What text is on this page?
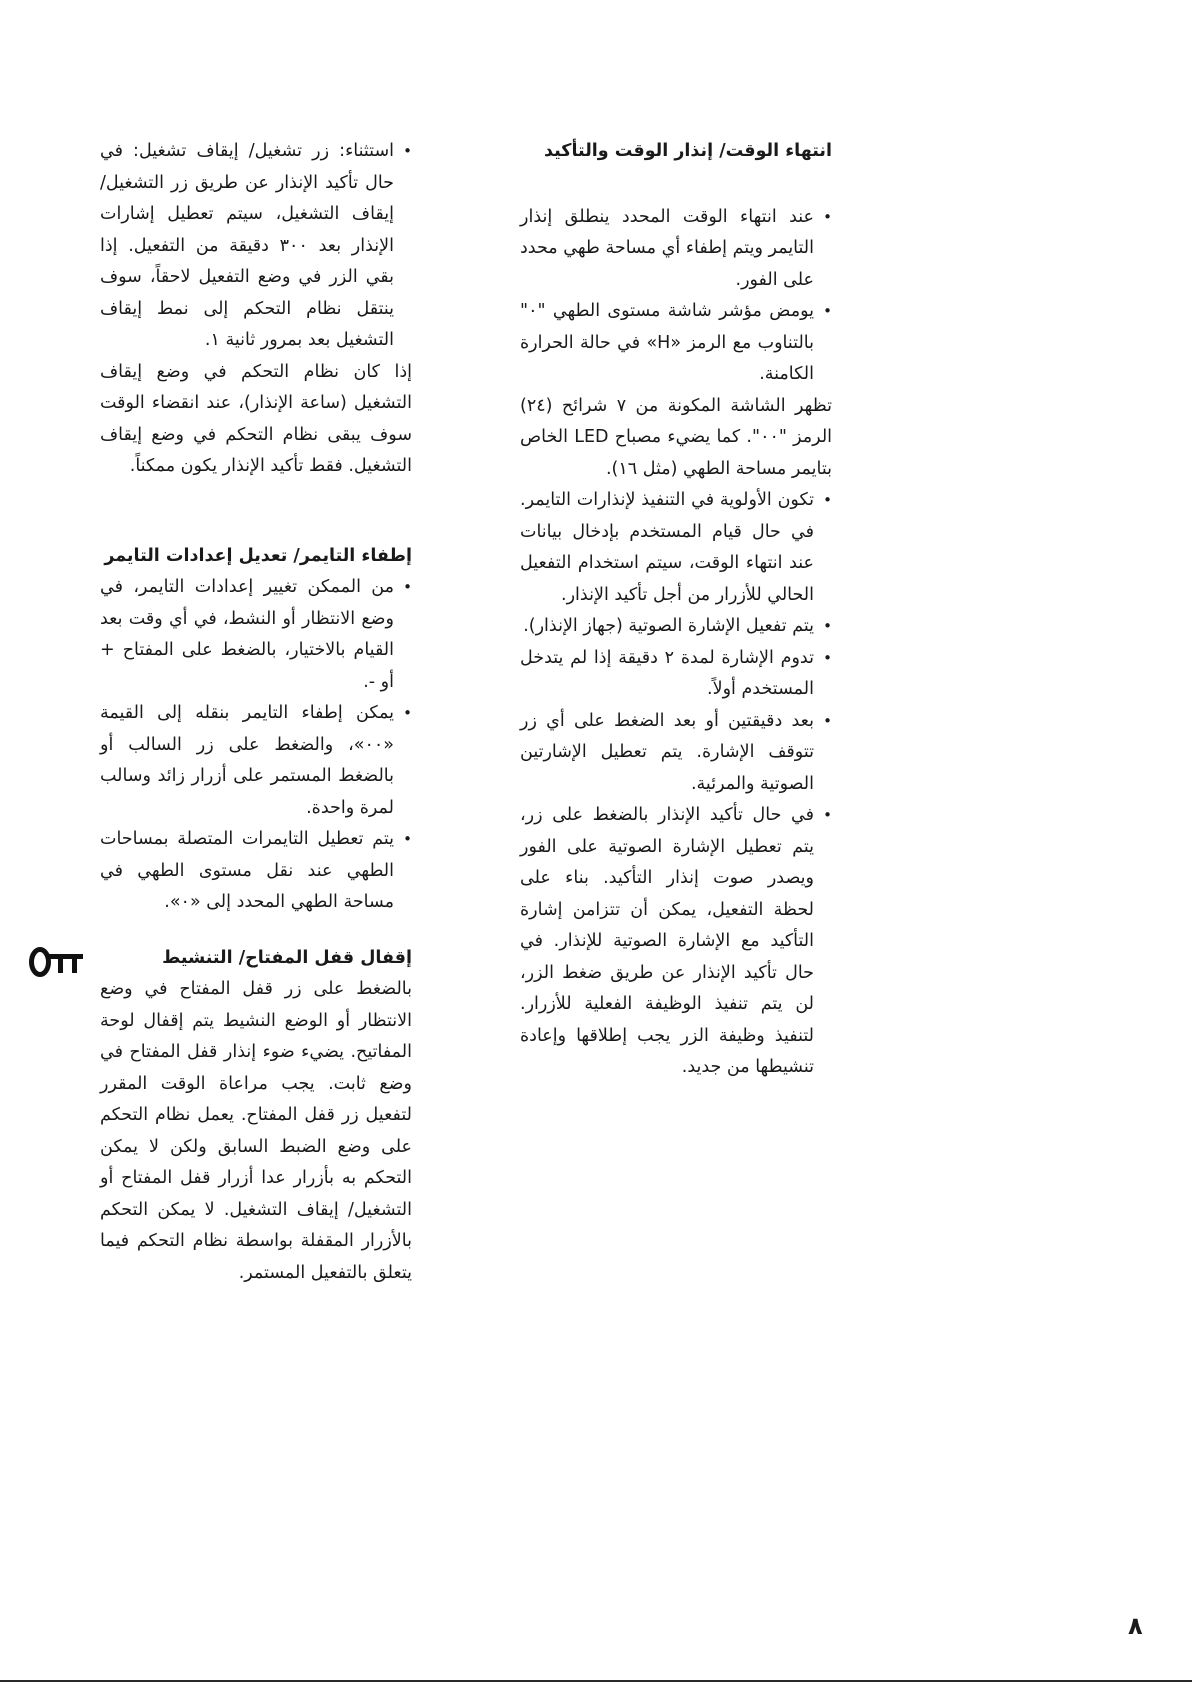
انتهاء الوقت/ إنذار الوقت والتأكيد
• عند انتهاء الوقت المحدد ينطلق إنذار التايمر ويتم إطفاء أي مساحة طهي محدد على الفور.
• يومض مؤشر شاشة مستوى الطهي "٠" بالتناوب مع الرمز «H» في حالة الحرارة الكامنة.

تظهر الشاشة المكونة من ٧ شرائح (٢٤) الرمز "٠٠". كما يضيء مصباح LED الخاص بتايمر مساحة الطهي (مثل ١٦).

• تكون الأولوية في التنفيذ لإنذارات التايمر. في حال قيام المستخدم بإدخال بيانات عند انتهاء الوقت، سيتم استخدام التفعيل الحالي للأزرار من أجل تأكيد الإنذار.
• يتم تفعيل الإشارة الصوتية (جهاز الإنذار).
• تدوم الإشارة لمدة ٢ دقيقة إذا لم يتدخل المستخدم أولاً.
• بعد دقيقتين أو بعد الضغط على أي زر تتوقف الإشارة. يتم تعطيل الإشارتين الصوتية والمرئية.
• في حال تأكيد الإنذار بالضغط على زر، يتم تعطيل الإشارة الصوتية على الفور ويصدر صوت إنذار التأكيد. بناء على لحظة التفعيل، يمكن أن تتزامن إشارة التأكيد مع الإشارة الصوتية للإنذار. في حال تأكيد الإنذار عن طريق ضغط الزر، لن يتم تنفيذ الوظيفة الفعلية للأزرار. لتنفيذ وظيفة الزر يجب إطلاقها وإعادة تنشيطها من جديد.
• استثناء: زر تشغيل/ إيقاف تشغيل: في حال تأكيد الإنذار عن طريق زر التشغيل/ إيقاف التشغيل، سيتم تعطيل إشارات الإنذار بعد ٣٠٠ دقيقة من التفعيل. إذا بقي الزر في وضع التفعيل لاحقاً، سوف ينتقل نظام التحكم إلى نمط إيقاف التشغيل بعد بمرور ثانية ١.

إذا كان نظام التحكم في وضع إيقاف التشغيل (ساعة الإنذار)، عند انقضاء الوقت سوف يبقى نظام التحكم في وضع إيقاف التشغيل. فقط تأكيد الإنذار يكون ممكناً.

إطفاء التايمر/ تعديل إعدادات التايمر
• من الممكن تغيير إعدادات التايمر، في وضع الانتظار أو النشط، في أي وقت بعد القيام بالاختيار، بالضغط على المفتاح + أو -.
• يمكن إطفاء التايمر بنقله إلى القيمة «٠٠»، والضغط على زر السالب أو بالضغط المستمر على أزرار زائد وسالب لمرة واحدة.
• يتم تعطيل التايمرات المتصلة بمساحات الطهي عند نقل مستوى الطهي في مساحة الطهي المحدد إلى «٠».
إقفال قفل المفتاح/ التنشيط

بالضغط على زر قفل المفتاح في وضع الانتظار أو الوضع النشيط يتم إقفال لوحة المفاتيح. يضيء ضوء إنذار قفل المفتاح في وضع ثابت. يجب مراعاة الوقت المقرر لتفعيل زر قفل المفتاح. يعمل نظام التحكم على وضع الضبط السابق ولكن لا يمكن التحكم به بأزرار عدا أزرار قفل المفتاح أو التشغيل/ إيقاف التشغيل. لا يمكن التحكم بالأزرار المقفلة بواسطة نظام التحكم فيما يتعلق بالتفعيل المستمر.

٨
